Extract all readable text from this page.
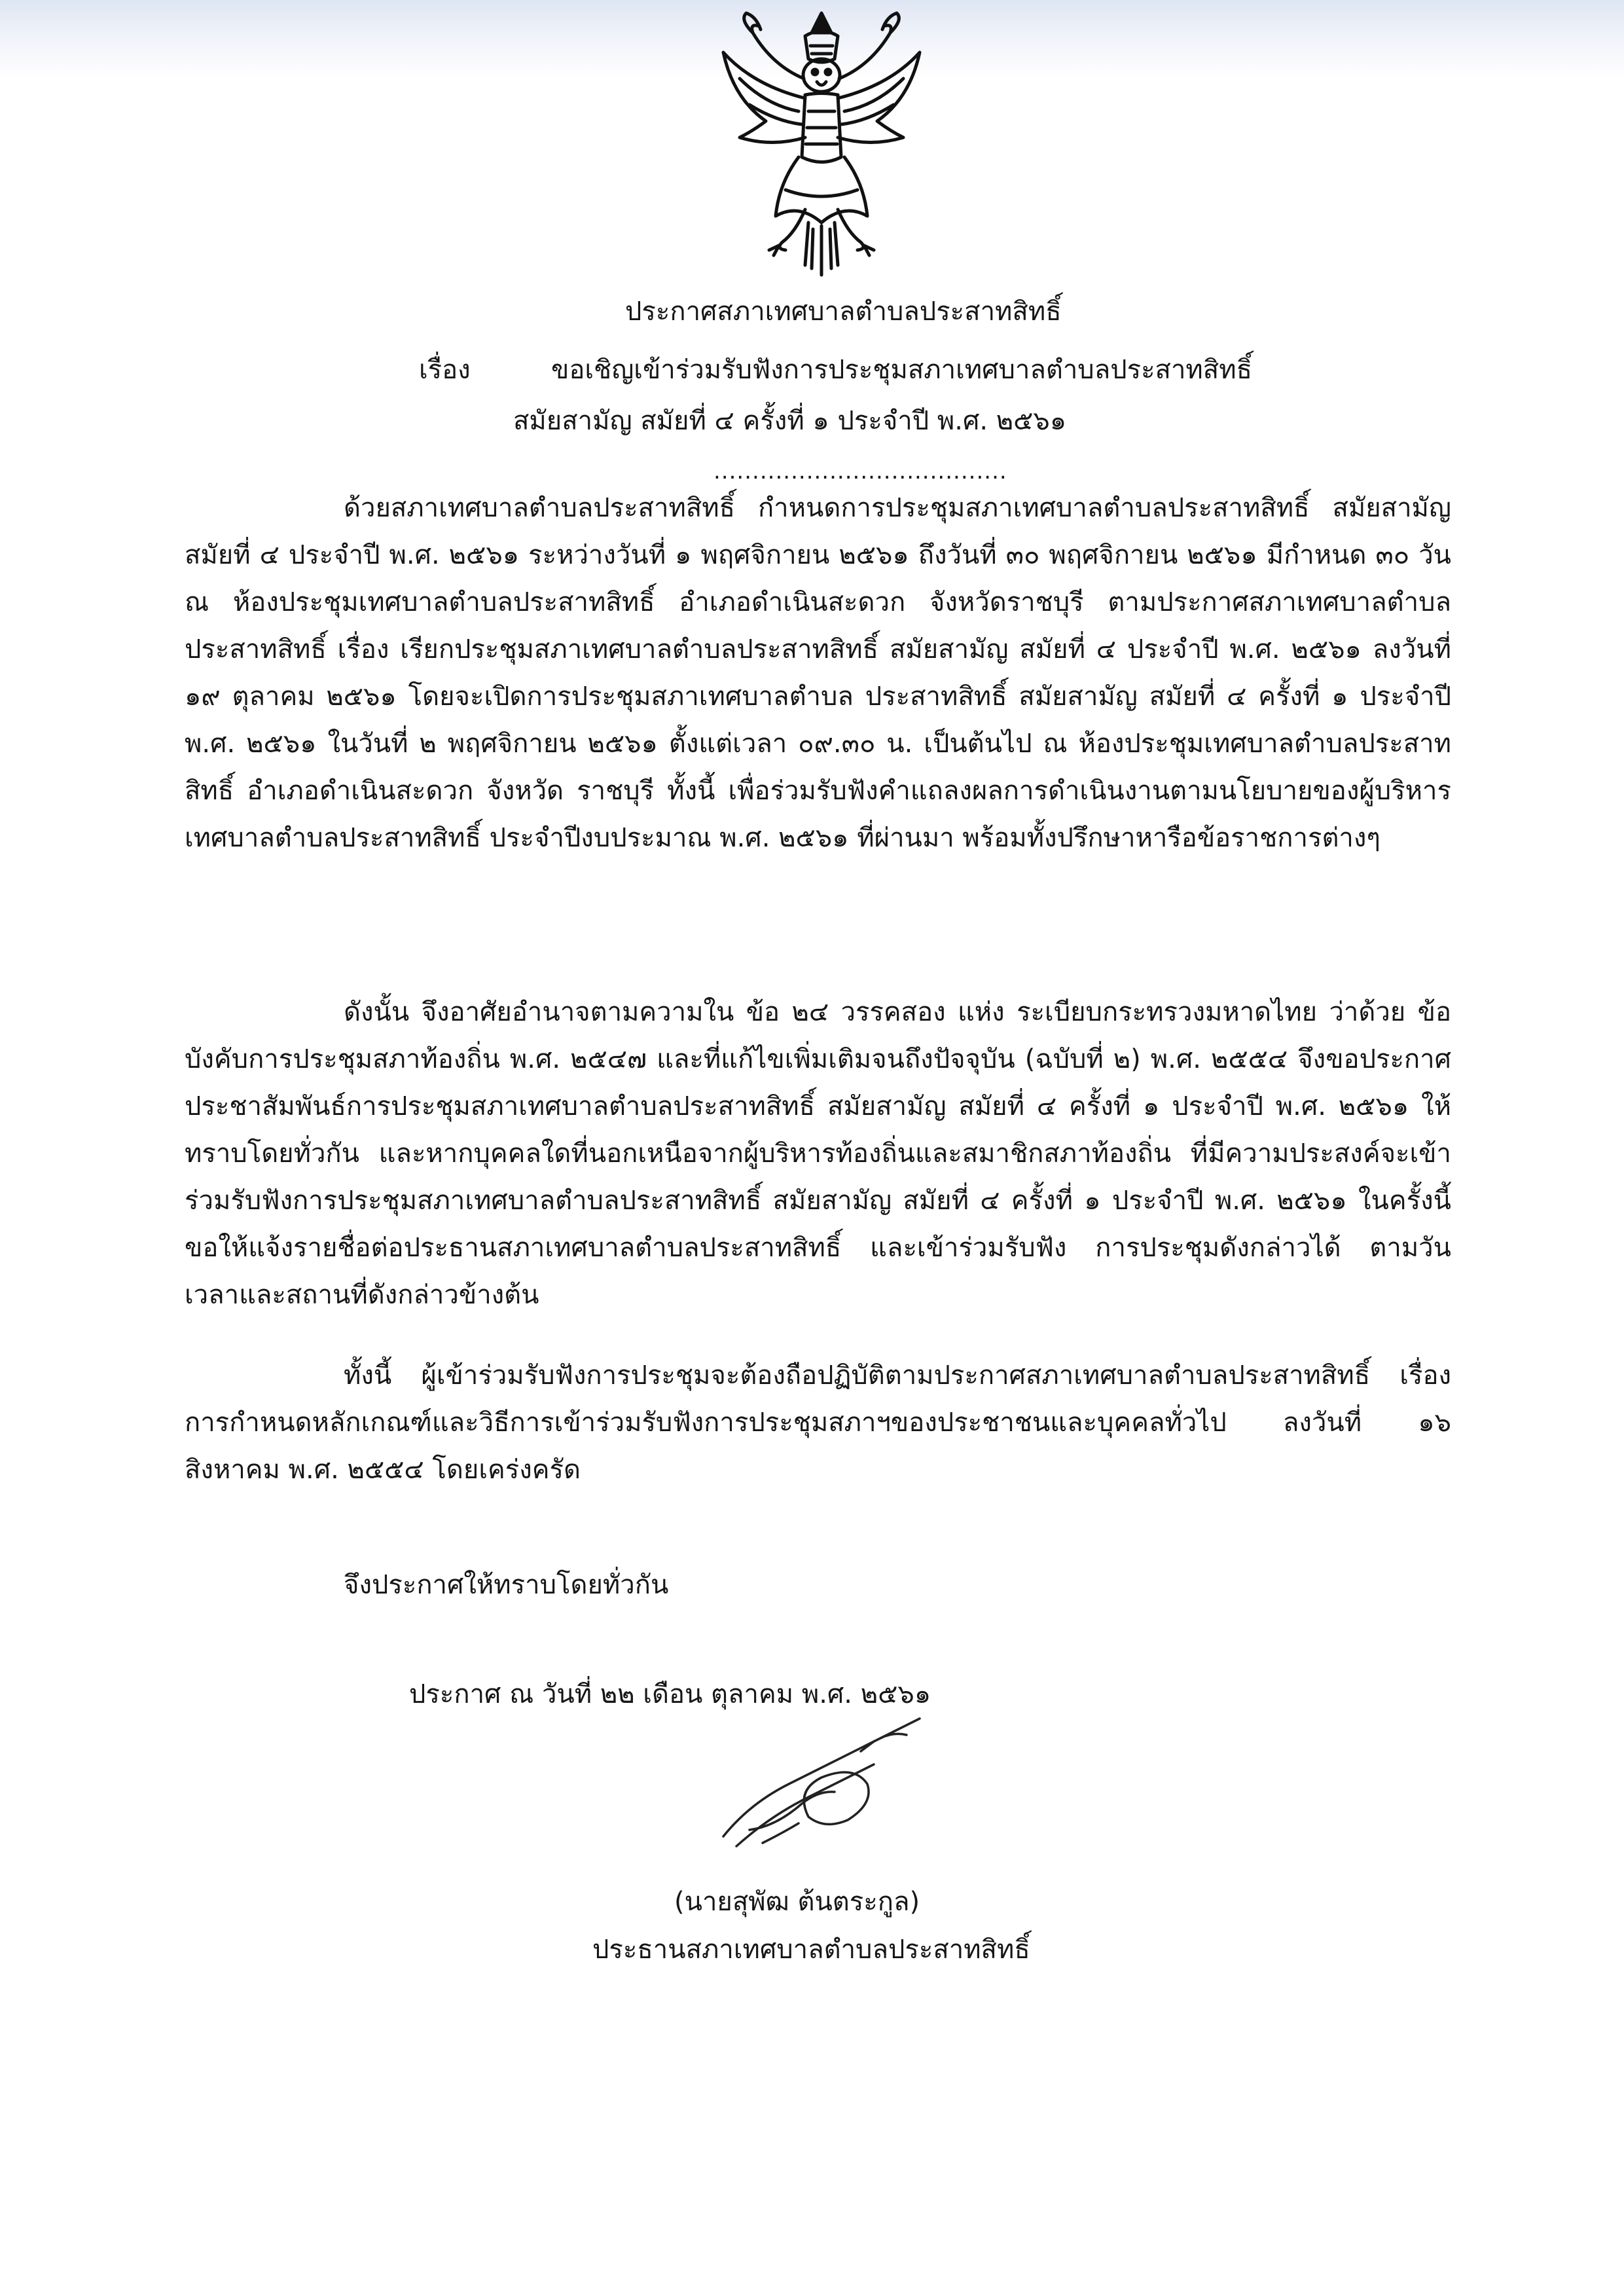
ประกาศสภาเทศบาลตำบลประสาทสิทธิ์
เรื่อง	ขอเชิญเข้าร่วมรับฟังการประชุมสภาเทศบาลตำบลประสาทสิทธิ์
สมัยสามัญ สมัยที่ ๔ ครั้งที่ ๑ ประจำปี พ.ศ. ๒๕๖๑
......................................
ด้วยสภาเทศบาลตำบลประสาทสิทธิ์ กำหนดการประชุมสภาเทศบาลตำบลประสาทสิทธิ์ สมัยสามัญ สมัยที่ ๔ ประจำปี พ.ศ. ๒๕๖๑ ระหว่างวันที่ ๑ พฤศจิกายน ๒๕๖๑ ถึงวันที่ ๓๐ พฤศจิกายน ๒๕๖๑ มีกำหนด ๓๐ วัน ณ ห้องประชุมเทศบาลตำบลประสาทสิทธิ์ อำเภอดำเนินสะดวก จังหวัดราชบุรี ตามประกาศสภาเทศบาลตำบลประสาทสิทธิ์ เรื่อง เรียกประชุมสภาเทศบาลตำบลประสาทสิทธิ์ สมัยสามัญ สมัยที่ ๔ ประจำปี พ.ศ. ๒๕๖๑ ลงวันที่ ๑๙ ตุลาคม ๒๕๖๑ โดยจะเปิดการประชุมสภาเทศบาลตำบล ประสาทสิทธิ์ สมัยสามัญ สมัยที่ ๔ ครั้งที่ ๑ ประจำปี พ.ศ. ๒๕๖๑ ในวันที่ ๒ พฤศจิกายน ๒๕๖๑ ตั้งแต่เวลา ๐๙.๓๐ น. เป็นต้นไป ณ ห้องประชุมเทศบาลตำบลประสาทสิทธิ์ อำเภอดำเนินสะดวก จังหวัด ราชบุรี ทั้งนี้ เพื่อร่วมรับฟังคำแถลงผลการดำเนินงานตามนโยบายของผู้บริหารเทศบาลตำบลประสาทสิทธิ์ ประจำปีงบประมาณ พ.ศ. ๒๕๖๑ ที่ผ่านมา พร้อมทั้งปรึกษาหารือข้อราชการต่างๆ
ดังนั้น จึงอาศัยอำนาจตามความใน ข้อ ๒๔ วรรคสอง แห่ง ระเบียบกระทรวงมหาดไทย ว่าด้วย ข้อบังคับการประชุมสภาท้องถิ่น พ.ศ. ๒๕๔๗ และที่แก้ไขเพิ่มเติมจนถึงปัจจุบัน (ฉบับที่ ๒) พ.ศ. ๒๕๕๔ จึงขอประกาศประชาสัมพันธ์การประชุมสภาเทศบาลตำบลประสาทสิทธิ์ สมัยสามัญ สมัยที่ ๔ ครั้งที่ ๑ ประจำปี พ.ศ. ๒๕๖๑ ให้ทราบโดยทั่วกัน และหากบุคคลใดที่นอกเหนือจากผู้บริหารท้องถิ่นและสมาชิกสภาท้องถิ่น ที่มีความประสงค์จะเข้าร่วมรับฟังการประชุมสภาเทศบาลตำบลประสาทสิทธิ์ สมัยสามัญ สมัยที่ ๔ ครั้งที่ ๑ ประจำปี พ.ศ. ๒๕๖๑ ในครั้งนี้ ขอให้แจ้งรายชื่อต่อประธานสภาเทศบาลตำบลประสาทสิทธิ์ และเข้าร่วมรับฟัง การประชุมดังกล่าวได้ ตามวัน เวลาและสถานที่ดังกล่าวข้างต้น
ทั้งนี้ ผู้เข้าร่วมรับฟังการประชุมจะต้องถือปฏิบัติตามประกาศสภาเทศบาลตำบลประสาทสิทธิ์ เรื่อง การกำหนดหลักเกณฑ์และวิธีการเข้าร่วมรับฟังการประชุมสภาฯของประชาชนและบุคคลทั่วไป ลงวันที่ ๑๖ สิงหาคม พ.ศ. ๒๕๕๔ โดยเคร่งครัด
จึงประกาศให้ทราบโดยทั่วกัน
ประกาศ ณ วันที่ ๒๒ เดือน ตุลาคม พ.ศ. ๒๕๖๑
(นายสุพัฒ ต้นตระกูล)
ประธานสภาเทศบาลตำบลประสาทสิทธิ์
